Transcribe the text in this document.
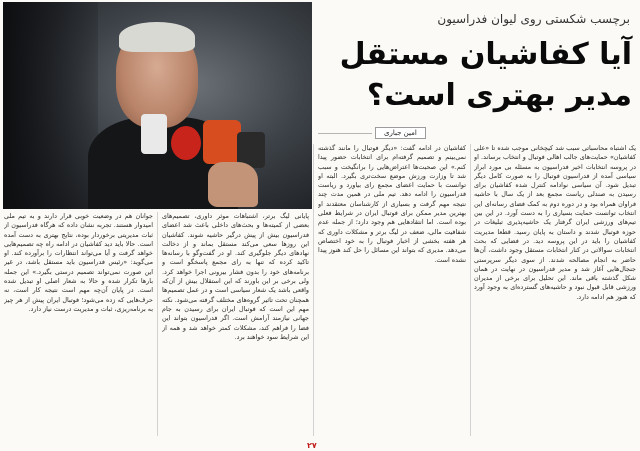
برچسب شکستی روی لیوان فدراسیون
آیا کفاشیان مستقل
مدیر بهتری است؟
امین جباری
یک اشتباه محاسباتی سبب شد کیچخانی موجب شده تا «علی کفاشیان» حمایت‌های جالب اهالی فوتبال و انتخاب برساند. او در پروسه انتخابات اخیر فدراسیون به مسئله بی مورد ابراز سیاسی آمده از فدراسیون فوتبال را به صورت کامل دیگر تبدیل شود. آن سیاسی نوادامه کنترل شده کفاشیان برای رسیدن به صندلی ریاست مجمع بعد از یک سال با حاشیه فراوان همراه بود و در دوره دوم به کمک فضای رسانه‌ای این انتخاب توانست حمایت بسیاری را به دست آورد. در این بین تیم‌های ورزشی ایران گرفتار یک حاشیه‌پذیری تبلیغات در حوزه فوتبال شدند و داستان به پایان رسید. قطعا مدیریت کفاشیان را باید در این پروسه دید. در فضایی که بحث انتخابات سوالاتی در کنار انتخابات مستقل وجود داشت، آن‌ها حاضر به انجام مصالحه شدند. از سوی دیگر سرپرستی جنجال‌هایی آغاز شد و مدیر فدراسیون در نهایت در همان شکل گذشته باقی ماند. این تحلیل برای برخی از مدیران ورزشی قابل قبول نبود و حاشیه‌های گسترده‌ای به وجود آورد که هنوز هم ادامه دارد.
کفاشیان در ادامه گفت: «دیگر فوتبال را مانند گذشته نمی‌بینم و تصمیم گرفته‌ام برای انتخابات حضور پیدا کنم.» این صحبت‌ها اعتراض‌هایی را برانگیخت و سبب شد تا وزارت ورزش موضع سخت‌تری بگیرد. البته او توانست با حمایت اعضای مجمع رای بیاورد و ریاست فدراسیون را ادامه دهد. تیم ملی در همین مدت چند نتیجه مهم گرفت و بسیاری از کارشناسان معتقدند او بهترین مدیر ممکن برای فوتبال ایران در شرایط فعلی بوده است. اما انتقادهایی هم وجود دارد؛ از جمله عدم شفافیت مالی، ضعف در لیگ برتر و مشکلات داوری که هر هفته بخشی از اخبار فوتبال را به خود اختصاص می‌دهد. مدیری که بتواند این مسائل را حل کند هنوز پیدا نشده است.
پایانی لیگ برتر، اشتباهات موثر داوری، تصمیم‌های بعضی از کمیته‌ها و بحث‌های داخلی باعث شد اعضای فدراسیون بیش از پیش درگیر حاشیه شوند. کفاشیان این روزها سعی می‌کند مستقل بماند و از دخالت نهادهای دیگر جلوگیری کند. او در گفت‌وگو با رسانه‌ها تاکید کرده که تنها به رای مجمع پاسخگو است و برنامه‌های خود را بدون فشار بیرونی اجرا خواهد کرد. ولی برخی بر این باورند که این استقلال بیش از آن‌که واقعی باشد یک شعار سیاسی است و در عمل تصمیم‌ها همچنان تحت تاثیر گروه‌های مختلف گرفته می‌شود. نکته مهم این است که فوتبال ایران برای رسیدن به جام جهانی نیازمند آرامش است. اگر فدراسیون بتواند این فضا را فراهم کند، مشکلات کمتر خواهد شد و همه از این شرایط سود خواهند برد.
جوانان هم در وضعیت خوبی قرار دارند و به تیم ملی امیدوار هستند. تجربه نشان داده که هرگاه فدراسیون از ثبات مدیریتی برخوردار بوده، نتایج بهتری به دست آمده است. حالا باید دید کفاشیان در ادامه راه چه تصمیم‌هایی خواهد گرفت و آیا می‌تواند انتظارات را برآورده کند. او می‌گوید: «رئیس فدراسیون باید مستقل باشد، در غیر این صورت نمی‌تواند تصمیم درستی بگیرد.» این جمله بارها تکرار شده و حالا به شعار اصلی او تبدیل شده است. در پایان آن‌چه مهم است نتیجه کار است، نه حرف‌هایی که زده می‌شود؛ فوتبال ایران پیش از هر چیز به برنامه‌ریزی، ثبات و مدیریت درست نیاز دارد.
۲۷
